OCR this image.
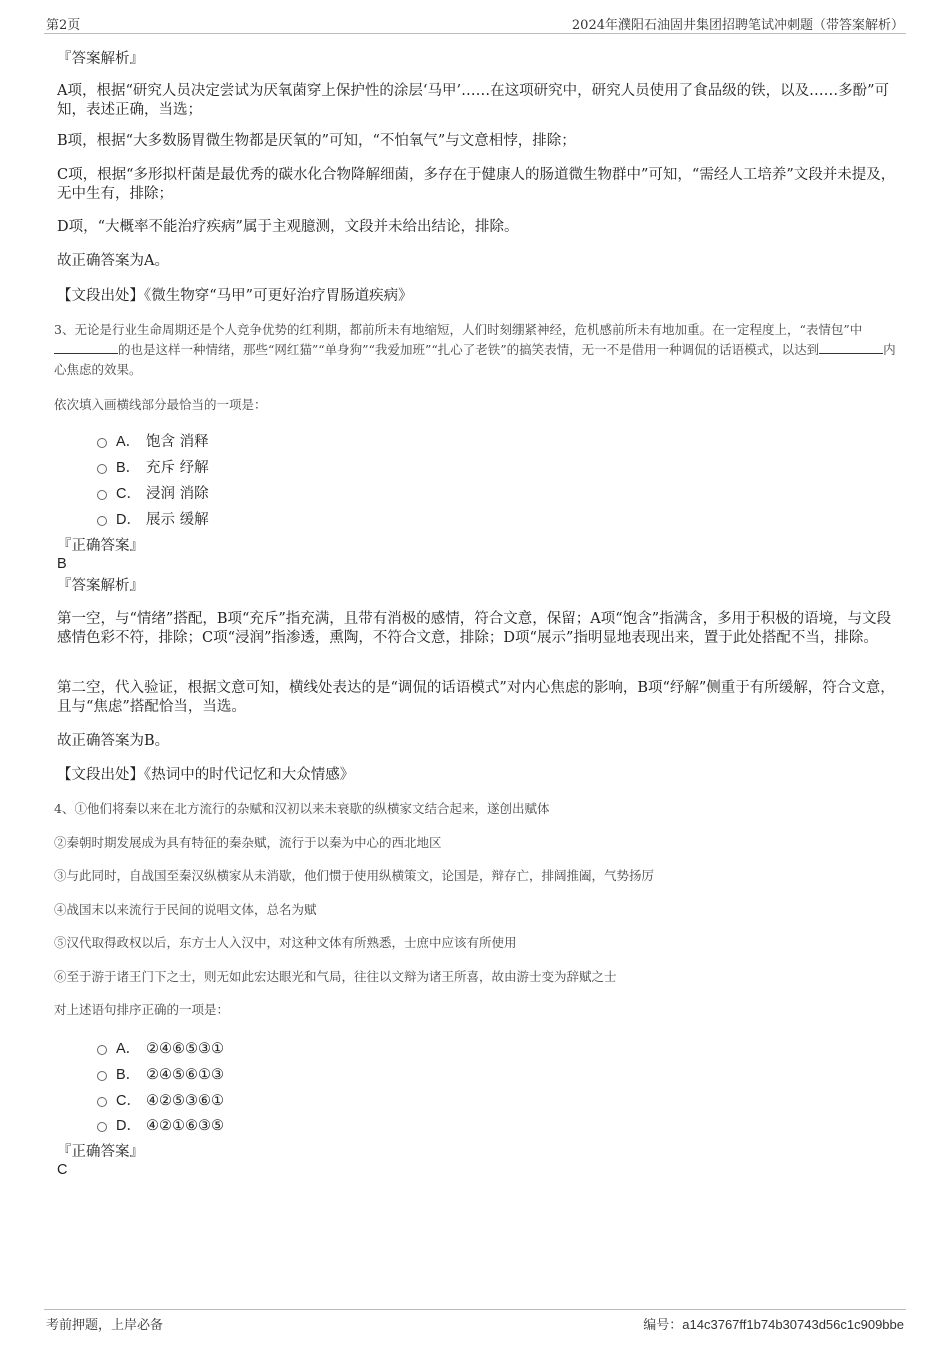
第2页	2024年濮阳石油固井集团招聘笔试冲刺题（带答案解析）
『答案解析』
A项，根据“研究人员决定尝试为厌氧菌穿上保护性的涂层‘马甲’……在这项研究中，研究人员使用了食品级的铁，以及……多酚”可知，表述正确，当选；
B项，根据“大多数肠胃微生物都是厌氧的”可知，“不怕氧气”与文意相悖，排除；
C项，根据“多形拟杆菌是最优秀的碳水化合物降解细菌，多存在于健康人的肠道微生物群中”可知，“需经人工培养”文段并未提及，无中生有，排除；
D项，“大概率不能治疗疾病”属于主观臆测，文段并未给出结论，排除。
故正确答案为A。
【文段出处】《微生物穿“马甲”可更好治疗胃肠道疾病》
3、无论是行业生命周期还是个人竞争优势的红利期，都前所未有地缩短，人们时刻绷紧神经，危机感前所未有地加重。在一定程度上，“表情包”中的也是这样一种情绪，那些“网红猫”“单身狗”“我爱加班”“扎心了老铁”的搞笑表情，无一不是借用一种调侃的话语模式，以达到	内心焦虑的效果。
依次填入画横线部分最恰当的一项是：
A． 饱含 消释
B． 充斥 纾解
C． 浸润 消除
D． 展示 缓解
『正确答案』
B
『答案解析』
第一空，与“情绪”搭配，B项“充斥”指充满，且带有消极的感情，符合文意，保留；A项“饱含”指满含，多用于积极的语境，与文段感情色彩不符，排除；C项“浸润”指渗透，熏陶，不符合文意，排除；D项“展示”指明显地表现出来，置于此处搭配不当，排除。
第二空，代入验证，根据文意可知，横线处表达的是“调侃的话语模式”对内心焦虑的影响，B项“纾解”侧重于有所缓解，符合文意，且与“焦虑”搭配恰当，当选。
故正确答案为B。
【文段出处】《热词中的时代记忆和大众情感》
4、①他们将秦以来在北方流行的杂赋和汉初以来未衰歇的纵横家文结合起来，遂创出赋体
②秦朝时期发展成为具有特征的秦杂赋，流行于以秦为中心的西北地区
③与此同时，自战国至秦汉纵横家从未消歇，他们惯于使用纵横策文，论国是，辩存亡，排阔推阖，气势扬厉
④战国末以来流行于民间的说唱文体，总名为赋
⑤汉代取得政权以后，东方士人入汉中，对这种文体有所熟悉，士庶中应该有所使用
⑥至于游于诸王门下之士，则无如此宏达眼光和气局，往往以文辩为诸王所喜，故由游士变为辞赋之士
对上述语句排序正确的一项是：
A． ②④⑥⑤③①
B． ②④⑤⑥①③
C． ④②⑤③⑥①
D． ④②①⑥③⑤
『正确答案』
C
考前押题，上岸必备	编号：a14c3767ff1b74b30743d56c1c909bbe
